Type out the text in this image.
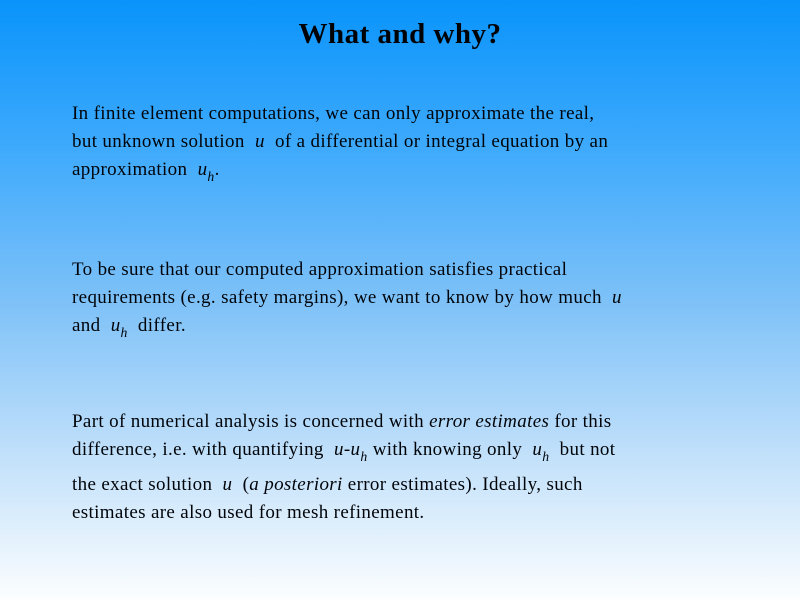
What and why?
In finite element computations, we can only approximate the real,
but unknown solution  u  of a differential or integral equation by an
approximation  $u_h$.
To be sure that our computed approximation satisfies practical
requirements (e.g. safety margins), we want to know by how much  u
and  $u_h$  differ.
Part of numerical analysis is concerned with error estimates for this
difference, i.e. with quantifying  $u-u_h$ with knowing only  $u_h$  but not
the exact solution  u  (a posteriori error estimates). Ideally, such
estimates are also used for mesh refinement.
